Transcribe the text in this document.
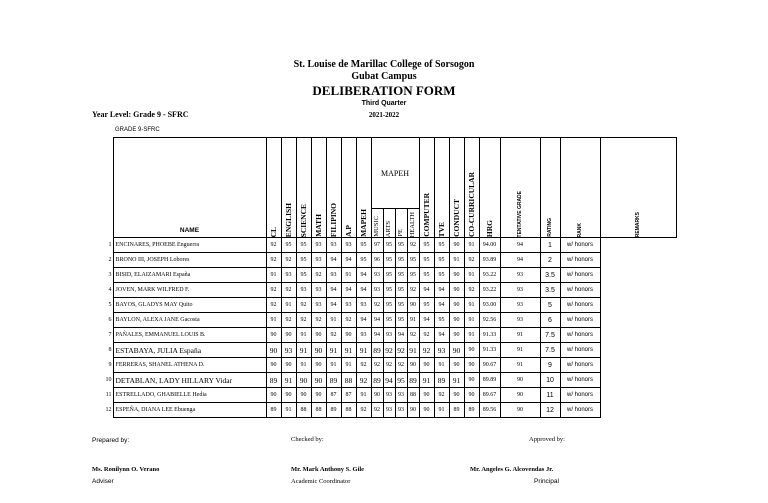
St. Louise de Marillac College of Sorsogon
Gubat Campus
DELIBERATION FORM
Third Quarter
2021-2022
Year Level: Grade 9 - SFRC
GRADE 9-SFRC
	NAME	CL	ENGLISH	SCIENCE	MATH	FILIPINO	A.P	MAPEH	MAPEH				COMPUTER	TVE	CONDUCT	CO-CURRICULAR	HRG	TENTATIVE GRADE	RATING	RANK	REMARKS

									MUSIC	ARTS	PE	HEALTH									

1	ENCINARES, PHOEBE Enguerra	92	95	95	93	93	93	95	97	95	95	92	95	95	90	91	94.00	94	1	w/ honors	
2	BRONO III, JOSEPH Lobores	92	92	95	93	94	94	95	96	95	95	95	95	95	91	92	93.89	94	2	w/ honors	
3	BISID, ELAIZAMARI España	91	93	95	92	93	91	94	93	95	95	95	95	95	90	91	93.22	93	3.5	w/ honors	
4	JOVEN, MARK WILFRED F.	92	92	93	93	94	94	94	93	95	95	92	94	94	90	92	93.22	93	3.5	w/ honors	
5	BAYOS, GLADYS MAY Quito	92	91	92	93	94	93	93	92	95	95	90	95	94	90	91	93.00	93	5	w/ honors	
6	BAYLON, ALEXA JANE Gacosta	91	92	92	92	91	92	94	94	95	95	91	94	95	90	91	92.56	93	6	w/ honors	
7	PAÑALES, EMMANUEL LOUIS B.	90	90	91	90	92	90	93	94	93	94	92	92	94	90	91	91.33	91	7.5	w/ honors	
8	ESTABAYA, JULIA España	90	93	91	90	91	91	91	89	92	92	91	92	93	90	90	91.33	91	7.5	w/ honors	
9	FERRERAS, SHANEL ATHENA D.	90	90	91	90	91	91	92	92	92	92	90	90	91	90	90	90.67	91	9	w/ honors	
10	DETABLAN, LADY HILLARY Vidar	89	91	90	90	89	88	92	89	94	95	89	91	89	91	90	89.89	90	10	w/ honors	
11	ESTRELLADO, GHABIELLE Hedia	90	90	90	90	87	87	91	90	93	93	88	90	92	90	90	89.67	90	11	w/ honors	
12	ESPEÑA, DIANA LEE Ebuenga	89	91	88	88	89	88	92	92	93	93	90	90	91	89	89	89.56	90	12	w/ honors	
Prepared by:	Checked by:	Approved by:
Ms. Ronilynn O. Verano
Adviser
Mr. Mark Anthony S. Gile
Academic Coordinator
Mr. Angeles G. Alcovendas Jr.
Principal
